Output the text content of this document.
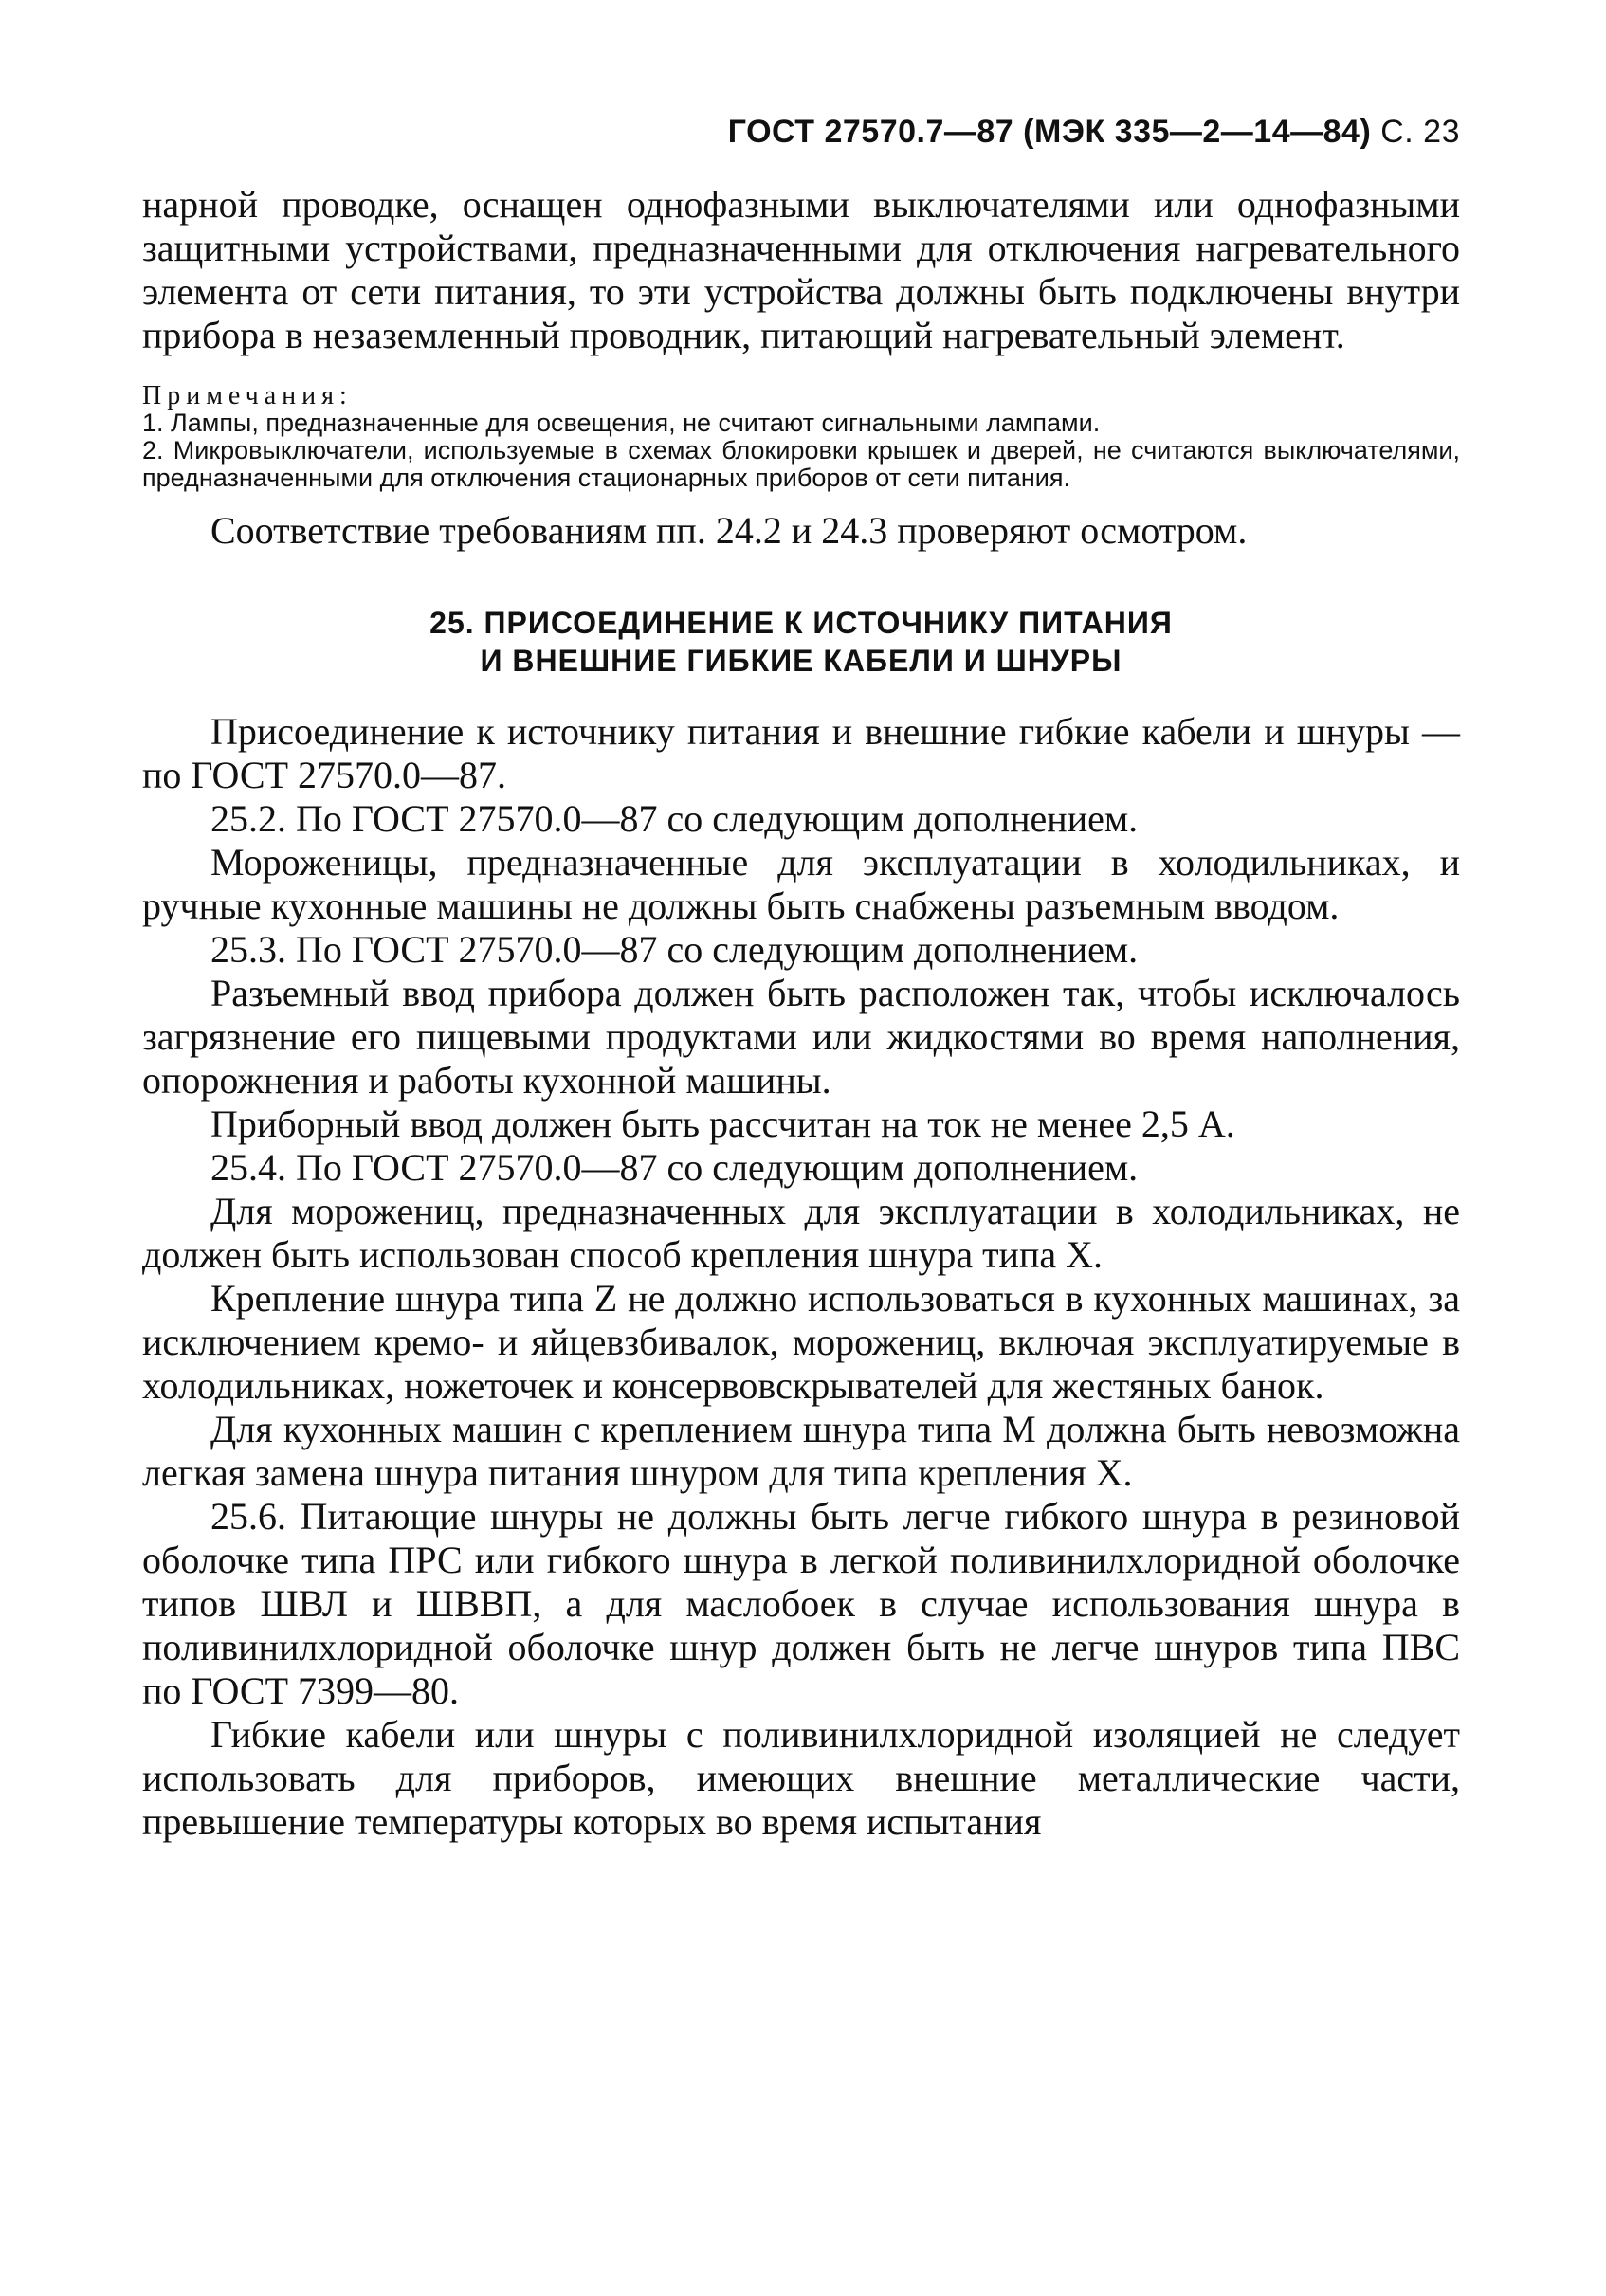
ГОСТ 27570.7—87 (МЭК 335—2—14—84) С. 23

нарной проводке, оснащен однофазными выключателями или однофазными защитными устройствами, предназначенными для отключения нагревательного элемента от сети питания, то эти устройства должны быть подключены внутри прибора в незаземленный проводник, питающий нагревательный элемент.

Примечания:

1. Лампы, предназначенные для освещения, не считают сигнальными лампами.

2. Микровыключатели, используемые в схемах блокировки крышек и дверей, не считаются выключателями, предназначенными для отключения стационарных приборов от сети питания.

Соответствие требованиям пп. 24.2 и 24.3 проверяют осмотром.

25. ПРИСОЕДИНЕНИЕ К ИСТОЧНИКУ ПИТАНИЯ
И ВНЕШНИЕ ГИБКИЕ КАБЕЛИ И ШНУРЫ

Присоединение к источнику питания и внешние гибкие кабели и шнуры — по ГОСТ 27570.0—87.

25.2. По ГОСТ 27570.0—87 со следующим дополнением.

Мороженицы, предназначенные для эксплуатации в холодильниках, и ручные кухонные машины не должны быть снабжены разъемным вводом.

25.3. По ГОСТ 27570.0—87 со следующим дополнением.

Разъемный ввод прибора должен быть расположен так, чтобы исключалось загрязнение его пищевыми продуктами или жидкостями во время наполнения, опорожнения и работы кухонной машины.

Приборный ввод должен быть рассчитан на ток не менее 2,5 А.

25.4. По ГОСТ 27570.0—87 со следующим дополнением.

Для морожениц, предназначенных для эксплуатации в холодильниках, не должен быть использован способ крепления шнура типа X.

Крепление шнура типа Z не должно использоваться в кухонных машинах, за исключением кремо- и яйцевзбивалок, морожениц, включая эксплуатируемые в холодильниках, ножеточек и консервовскрывателей для жестяных банок.

Для кухонных машин с креплением шнура типа M должна быть невозможна легкая замена шнура питания шнуром для типа крепления X.

25.6. Питающие шнуры не должны быть легче гибкого шнура в резиновой оболочке типа ПРС или гибкого шнура в легкой поливинилхлоридной оболочке типов ШВЛ и ШВВП, а для маслобоек в случае использования шнура в поливинилхлоридной оболочке шнур должен быть не легче шнуров типа ПВС по ГОСТ 7399—80.

Гибкие кабели или шнуры с поливинилхлоридной изоляцией не следует использовать для приборов, имеющих внешние металлические части, превышение температуры которых во время испытания
